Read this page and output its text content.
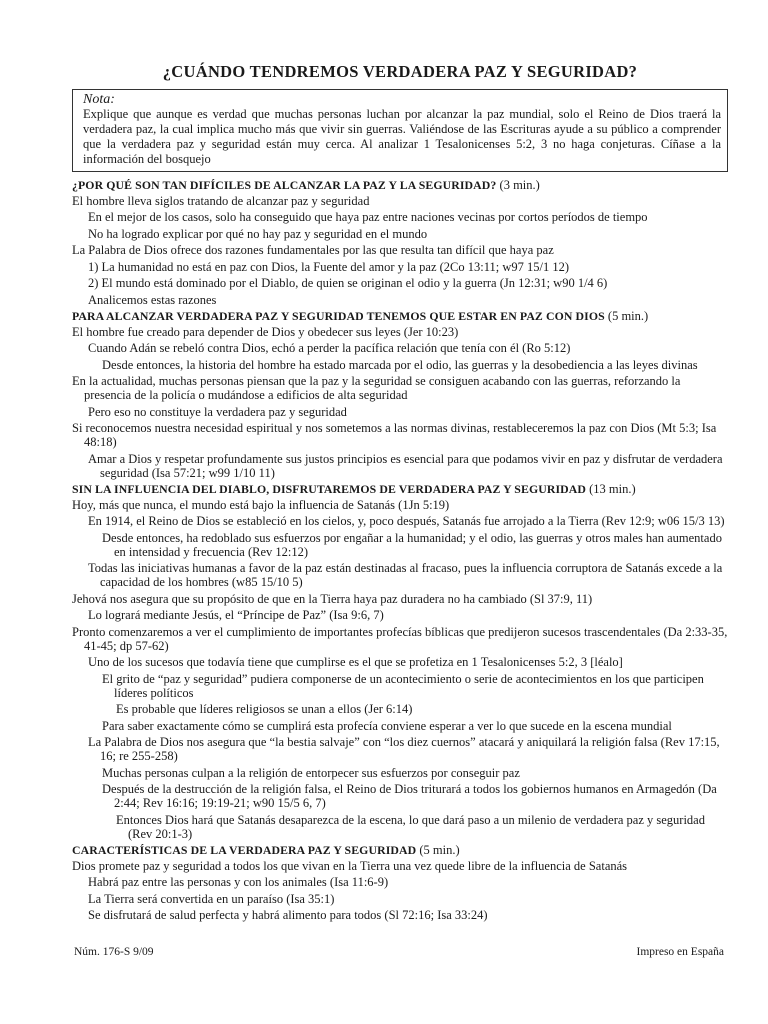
¿CUÁNDO TENDREMOS VERDADERA PAZ Y SEGURIDAD?
Nota:
Explique que aunque es verdad que muchas personas luchan por alcanzar la paz mundial, solo el Reino de Dios traerá la verdadera paz, la cual implica mucho más que vivir sin guerras. Valiéndose de las Escrituras ayude a su público a comprender que la verdadera paz y seguridad están muy cerca. Al analizar 1 Tesalonicenses 5:2, 3 no haga conjeturas. Cíñase a la información del bosquejo
¿POR QUÉ SON TAN DIFÍCILES DE ALCANZAR LA PAZ Y LA SEGURIDAD? (3 min.)
El hombre lleva siglos tratando de alcanzar paz y seguridad
En el mejor de los casos, solo ha conseguido que haya paz entre naciones vecinas por cortos períodos de tiempo
No ha logrado explicar por qué no hay paz y seguridad en el mundo
La Palabra de Dios ofrece dos razones fundamentales por las que resulta tan difícil que haya paz
1) La humanidad no está en paz con Dios, la Fuente del amor y la paz (2Co 13:11; w97 15/1 12)
2) El mundo está dominado por el Diablo, de quien se originan el odio y la guerra (Jn 12:31; w90 1/4 6)
Analicemos estas razones
PARA ALCANZAR VERDADERA PAZ Y SEGURIDAD TENEMOS QUE ESTAR EN PAZ CON DIOS (5 min.)
El hombre fue creado para depender de Dios y obedecer sus leyes (Jer 10:23)
Cuando Adán se rebeló contra Dios, echó a perder la pacífica relación que tenía con él (Ro 5:12)
Desde entonces, la historia del hombre ha estado marcada por el odio, las guerras y la desobediencia a las leyes divinas
En la actualidad, muchas personas piensan que la paz y la seguridad se consiguen acabando con las guerras, reforzando la presencia de la policía o mudándose a edificios de alta seguridad
Pero eso no constituye la verdadera paz y seguridad
Si reconocemos nuestra necesidad espiritual y nos sometemos a las normas divinas, restableceremos la paz con Dios (Mt 5:3; Isa 48:18)
Amar a Dios y respetar profundamente sus justos principios es esencial para que podamos vivir en paz y disfrutar de verdadera seguridad (Isa 57:21; w99 1/10 11)
SIN LA INFLUENCIA DEL DIABLO, DISFRUTAREMOS DE VERDADERA PAZ Y SEGURIDAD (13 min.)
Hoy, más que nunca, el mundo está bajo la influencia de Satanás (1Jn 5:19)
En 1914, el Reino de Dios se estableció en los cielos, y, poco después, Satanás fue arrojado a la Tierra (Rev 12:9; w06 15/3 13)
Desde entonces, ha redoblado sus esfuerzos por engañar a la humanidad; y el odio, las guerras y otros males han aumentado en intensidad y frecuencia (Rev 12:12)
Todas las iniciativas humanas a favor de la paz están destinadas al fracaso, pues la influencia corruptora de Satanás excede a la capacidad de los hombres (w85 15/10 5)
Jehová nos asegura que su propósito de que en la Tierra haya paz duradera no ha cambiado (Sl 37:9, 11)
Lo logrará mediante Jesús, el “Príncipe de Paz” (Isa 9:6, 7)
Pronto comenzaremos a ver el cumplimiento de importantes profecías bíblicas que predijeron sucesos trascendentales (Da 2:33-35, 41-45; dp 57-62)
Uno de los sucesos que todavía tiene que cumplirse es el que se profetiza en 1 Tesalonicenses 5:2, 3 [léalo]
El grito de “paz y seguridad” pudiera componerse de un acontecimiento o serie de acontecimientos en los que participen líderes políticos
Es probable que líderes religiosos se unan a ellos (Jer 6:14)
Para saber exactamente cómo se cumplirá esta profecía conviene esperar a ver lo que sucede en la escena mundial
La Palabra de Dios nos asegura que “la bestia salvaje” con “los diez cuernos” atacará y aniquilará la religión falsa (Rev 17:15, 16; re 255-258)
Muchas personas culpan a la religión de entorpecer sus esfuerzos por conseguir paz
Después de la destrucción de la religión falsa, el Reino de Dios triturará a todos los gobiernos humanos en Armagedón (Da 2:44; Rev 16:16; 19:19-21; w90 15/5 6, 7)
Entonces Dios hará que Satanás desaparezca de la escena, lo que dará paso a un milenio de verdadera paz y seguridad (Rev 20:1-3)
CARACTERÍSTICAS DE LA VERDADERA PAZ Y SEGURIDAD (5 min.)
Dios promete paz y seguridad a todos los que vivan en la Tierra una vez quede libre de la influencia de Satanás
Habrá paz entre las personas y con los animales (Isa 11:6-9)
La Tierra será convertida en un paraíso (Isa 35:1)
Se disfrutará de salud perfecta y habrá alimento para todos (Sl 72:16; Isa 33:24)
Núm. 176-S 9/09	Impreso en España
